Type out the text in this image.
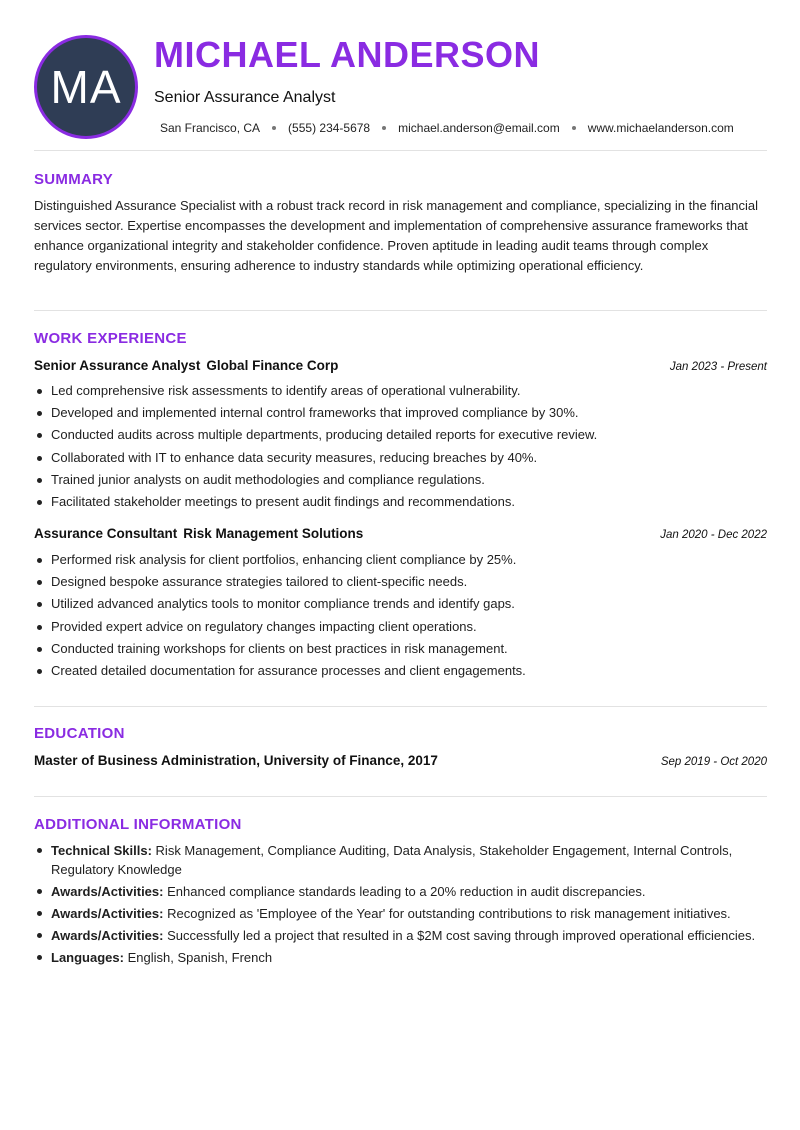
MA
MICHAEL ANDERSON
Senior Assurance Analyst
San Francisco, CA (555) 234-5678 michael.anderson@email.com www.michaelanderson.com
SUMMARY
Distinguished Assurance Specialist with a robust track record in risk management and compliance, specializing in the financial services sector. Expertise encompasses the development and implementation of comprehensive assurance frameworks that enhance organizational integrity and stakeholder confidence. Proven aptitude in leading audit teams through complex regulatory environments, ensuring adherence to industry standards while optimizing operational efficiency.
WORK EXPERIENCE
Senior Assurance Analyst Global Finance Corp	Jan 2023 - Present
Led comprehensive risk assessments to identify areas of operational vulnerability.
Developed and implemented internal control frameworks that improved compliance by 30%.
Conducted audits across multiple departments, producing detailed reports for executive review.
Collaborated with IT to enhance data security measures, reducing breaches by 40%.
Trained junior analysts on audit methodologies and compliance regulations.
Facilitated stakeholder meetings to present audit findings and recommendations.
Assurance Consultant Risk Management Solutions	Jan 2020 - Dec 2022
Performed risk analysis for client portfolios, enhancing client compliance by 25%.
Designed bespoke assurance strategies tailored to client-specific needs.
Utilized advanced analytics tools to monitor compliance trends and identify gaps.
Provided expert advice on regulatory changes impacting client operations.
Conducted training workshops for clients on best practices in risk management.
Created detailed documentation for assurance processes and client engagements.
EDUCATION
Master of Business Administration, University of Finance, 2017	Sep 2019 - Oct 2020
ADDITIONAL INFORMATION
Technical Skills: Risk Management, Compliance Auditing, Data Analysis, Stakeholder Engagement, Internal Controls, Regulatory Knowledge
Awards/Activities: Enhanced compliance standards leading to a 20% reduction in audit discrepancies.
Awards/Activities: Recognized as 'Employee of the Year' for outstanding contributions to risk management initiatives.
Awards/Activities: Successfully led a project that resulted in a $2M cost saving through improved operational efficiencies.
Languages: English, Spanish, French
